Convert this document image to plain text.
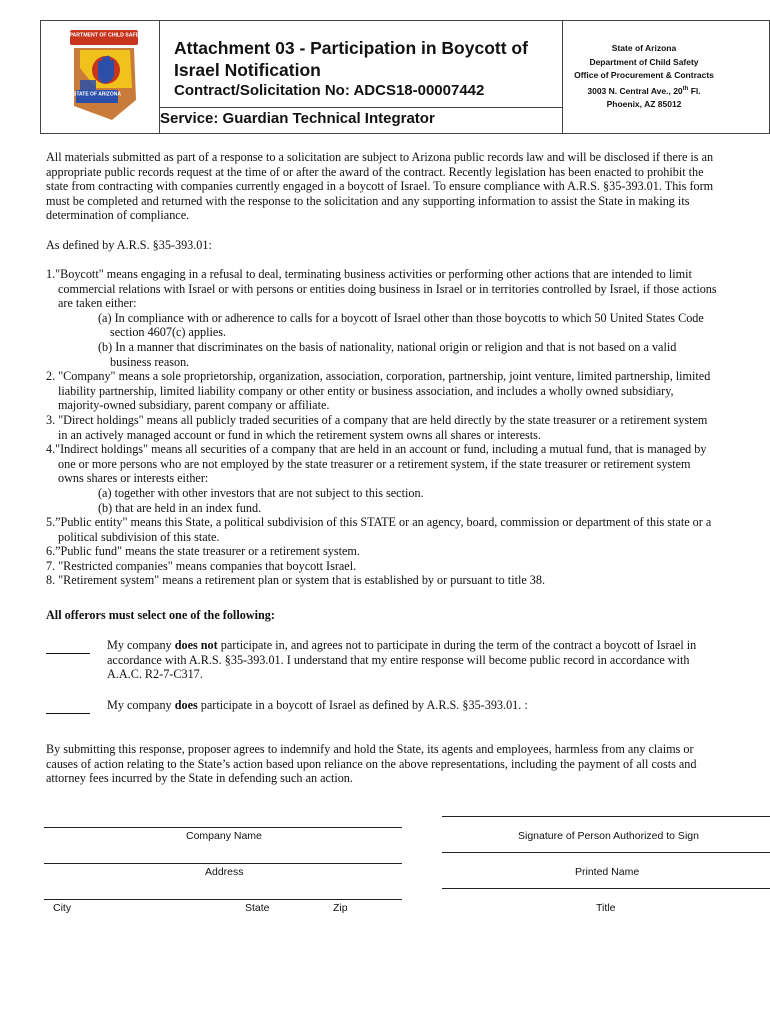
DEPARTMENT OF CHILD SAFETY
STATE OF ARIZONA
Attachment 03 - Participation in Boycott of
Israel Notification
Contract/Solicitation No: ADCS18-00007442
Service: Guardian Technical Integrator
State of Arizona
Department of Child Safety
Office of Procurement & Contracts
3003 N. Central Ave., 20th Fl.
Phoenix, AZ 85012
All materials submitted as part of a response to a solicitation are subject to Arizona public records law and will be disclosed if there is an appropriate public records request at the time of or after the award of the contract. Recently legislation has been enacted to prohibit the state from contracting with companies currently engaged in a boycott of Israel. To ensure compliance with A.R.S. §35-393.01. This form must be completed and returned with the response to the solicitation and any supporting information to assist the State in making its determination of compliance.
As defined by A.R.S. §35-393.01:
1."Boycott" means engaging in a refusal to deal, terminating business activities or performing other actions that are intended to limit commercial relations with Israel or with persons or entities doing business in Israel or in territories controlled by Israel, if those actions are taken either:
(a) In compliance with or adherence to calls for a boycott of Israel other than those boycotts to which 50 United States Code section 4607(c) applies.
(b) In a manner that discriminates on the basis of nationality, national origin or religion and that is not based on a valid business reason.
2. "Company" means a sole proprietorship, organization, association, corporation, partnership, joint venture, limited partnership, limited liability partnership, limited liability company or other entity or business association, and includes a wholly owned subsidiary, majority-owned subsidiary, parent company or affiliate.
3. "Direct holdings" means all publicly traded securities of a company that are held directly by the state treasurer or a retirement system in an actively managed account or fund in which the retirement system owns all shares or interests.
4."Indirect holdings" means all securities of a company that are held in an account or fund, including a mutual fund, that is managed by one or more persons who are not employed by the state treasurer or a retirement system, if the state treasurer or retirement system owns shares or interests either:
(a) together with other investors that are not subject to this section.
(b) that are held in an index fund.
5.”Public entity" means this State, a political subdivision of this STATE or an agency, board, commission or department of this state or a political subdivision of this state.
6.”Public fund" means the state treasurer or a retirement system.
7. "Restricted companies" means companies that boycott Israel.
8. "Retirement system" means a retirement plan or system that is established by or pursuant to title 38.
All offerors must select one of the following:
My company does not participate in, and agrees not to participate in during the term of the contract a boycott of Israel in accordance with A.R.S. §35-393.01. I understand that my entire response will become public record in accordance with A.A.C. R2-7-C317.
My company does participate in a boycott of Israel as defined by A.R.S. §35-393.01. :
By submitting this response, proposer agrees to indemnify and hold the State, its agents and employees, harmless from any claims or causes of action relating to the State’s action based upon reliance on the above representations, including the payment of all costs and attorney fees incurred by the State in defending such an action.
Company Name	Signature of Person Authorized to Sign
Address	Printed Name
City	State	Zip	Title
